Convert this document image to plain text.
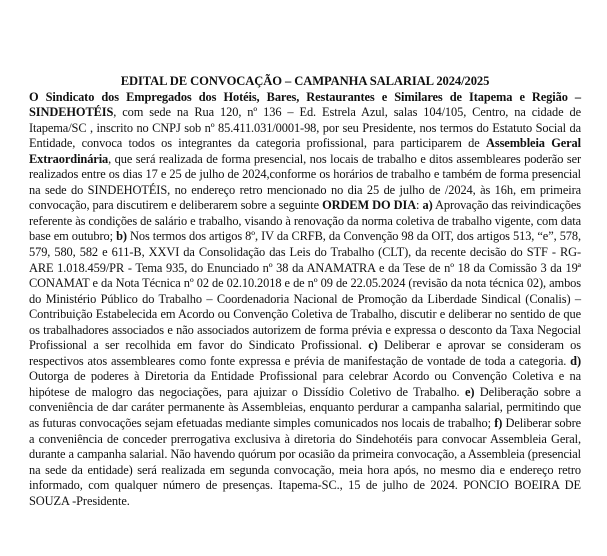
EDITAL DE CONVOCAÇÃO – CAMPANHA SALARIAL 2024/2025

O Sindicato dos Empregados dos Hotéis, Bares, Restaurantes e Similares de Itapema e Região – SINDEHOTÉIS, com sede na Rua 120, nº 136 – Ed. Estrela Azul, salas 104/105, Centro, na cidade de Itapema/SC , inscrito no CNPJ sob nº 85.411.031/0001-98, por seu Presidente, nos termos do Estatuto Social da Entidade, convoca todos os integrantes da categoria profissional, para participarem de Assembleia Geral Extraordinária, que será realizada de forma presencial, nos locais de trabalho e ditos assembleares poderão ser realizados entre os dias 17 e 25 de julho de 2024,conforme os horários de trabalho e também de forma presencial na sede do SINDEHOTÉIS, no endereço retro mencionado no dia 25 de julho de /2024, às 16h, em primeira convocação, para discutirem e deliberarem sobre a seguinte ORDEM DO DIA: a) Aprovação das reivindicações referente às condições de salário e trabalho, visando à renovação da norma coletiva de trabalho vigente, com data base em outubro; b) Nos termos dos artigos 8º, IV da CRFB, da Convenção 98 da OIT, dos artigos 513, “e”, 578, 579, 580, 582 e 611-B, XXVI da Consolidação das Leis do Trabalho (CLT), da recente decisão do STF - RG-ARE 1.018.459/PR - Tema 935, do Enunciado nº 38 da ANAMATRA e da Tese de nº 18 da Comissão 3 da 19ª CONAMAT e da Nota Técnica nº 02 de 02.10.2018 e de nº 09 de 22.05.2024 (revisão da nota técnica 02), ambos do Ministério Público do Trabalho – Coordenadoria Nacional de Promoção da Liberdade Sindical (Conalis) – Contribuição Estabelecida em Acordo ou Convenção Coletiva de Trabalho, discutir e deliberar no sentido de que os trabalhadores associados e não associados autorizem de forma prévia e expressa o desconto da Taxa Negocial Profissional a ser recolhida em favor do Sindicato Profissional. c) Deliberar e aprovar se consideram os respectivos atos assembleares como fonte expressa e prévia de manifestação de vontade de toda a categoria. d) Outorga de poderes à Diretoria da Entidade Profissional para celebrar Acordo ou Convenção Coletiva e na hipótese de malogro das negociações, para ajuizar o Dissídio Coletivo de Trabalho. e) Deliberação sobre a conveniência de dar caráter permanente às Assembleias, enquanto perdurar a campanha salarial, permitindo que as futuras convocações sejam efetuadas mediante simples comunicados nos locais de trabalho; f) Deliberar sobre a conveniência de conceder prerrogativa exclusiva à diretoria do Sindehotéis para convocar Assembleia Geral, durante a campanha salarial. Não havendo quórum por ocasião da primeira convocação, a Assembleia (presencial na sede da entidade) será realizada em segunda convocação, meia hora após, no mesmo dia e endereço retro informado, com qualquer número de presenças. Itapema-SC., 15 de julho de 2024. PONCIO BOEIRA DE SOUZA -Presidente.
